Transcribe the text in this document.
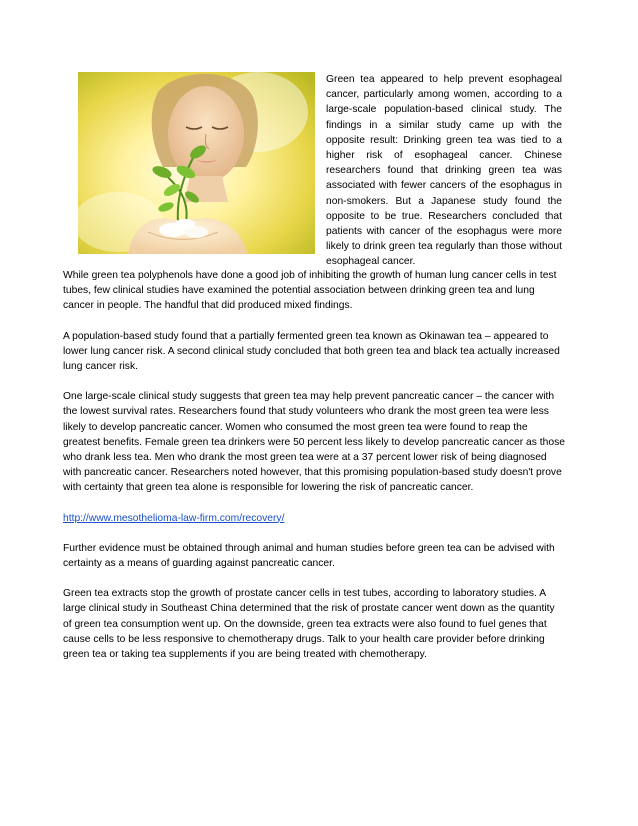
Green tea appeared to help prevent esophageal cancer, particularly among women, according to a large-scale population-based clinical study. The findings in a similar study came up with the opposite result: Drinking green tea was tied to a higher risk of esophageal cancer. Chinese researchers found that drinking green tea was associated with fewer cancers of the esophagus in non-smokers. But a Japanese study found the opposite to be true. Researchers concluded that patients with cancer of the esophagus were more likely to drink green tea regularly than those without esophageal cancer.

While green tea polyphenols have done a good job of inhibiting the growth of human lung cancer cells in test tubes, few clinical studies have examined the potential association between drinking green tea and lung cancer in people. The handful that did produced mixed findings.

A population-based study found that a partially fermented green tea known as Okinawan tea – appeared to lower lung cancer risk. A second clinical study concluded that both green tea and black tea actually increased lung cancer risk.

One large-scale clinical study suggests that green tea may help prevent pancreatic cancer – the cancer with the lowest survival rates. Researchers found that study volunteers who drank the most green tea were less likely to develop pancreatic cancer. Women who consumed the most green tea were found to reap the greatest benefits. Female green tea drinkers were 50 percent less likely to develop pancreatic cancer as those who drank less tea. Men who drank the most green tea were at a 37 percent lower risk of being diagnosed with pancreatic cancer. Researchers noted however, that this promising population-based study doesn't prove with certainty that green tea alone is responsible for lowering the risk of pancreatic cancer.

http://www.mesothelioma-law-firm.com/recovery/

Further evidence must be obtained through animal and human studies before green tea can be advised with certainty as a means of guarding against pancreatic cancer.

Green tea extracts stop the growth of prostate cancer cells in test tubes, according to laboratory studies. A large clinical study in Southeast China determined that the risk of prostate cancer went down as the quantity of green tea consumption went up. On the downside, green tea extracts were also found to fuel genes that cause cells to be less responsive to chemotherapy drugs. Talk to your health care provider before drinking green tea or taking tea supplements if you are being treated with chemotherapy.
